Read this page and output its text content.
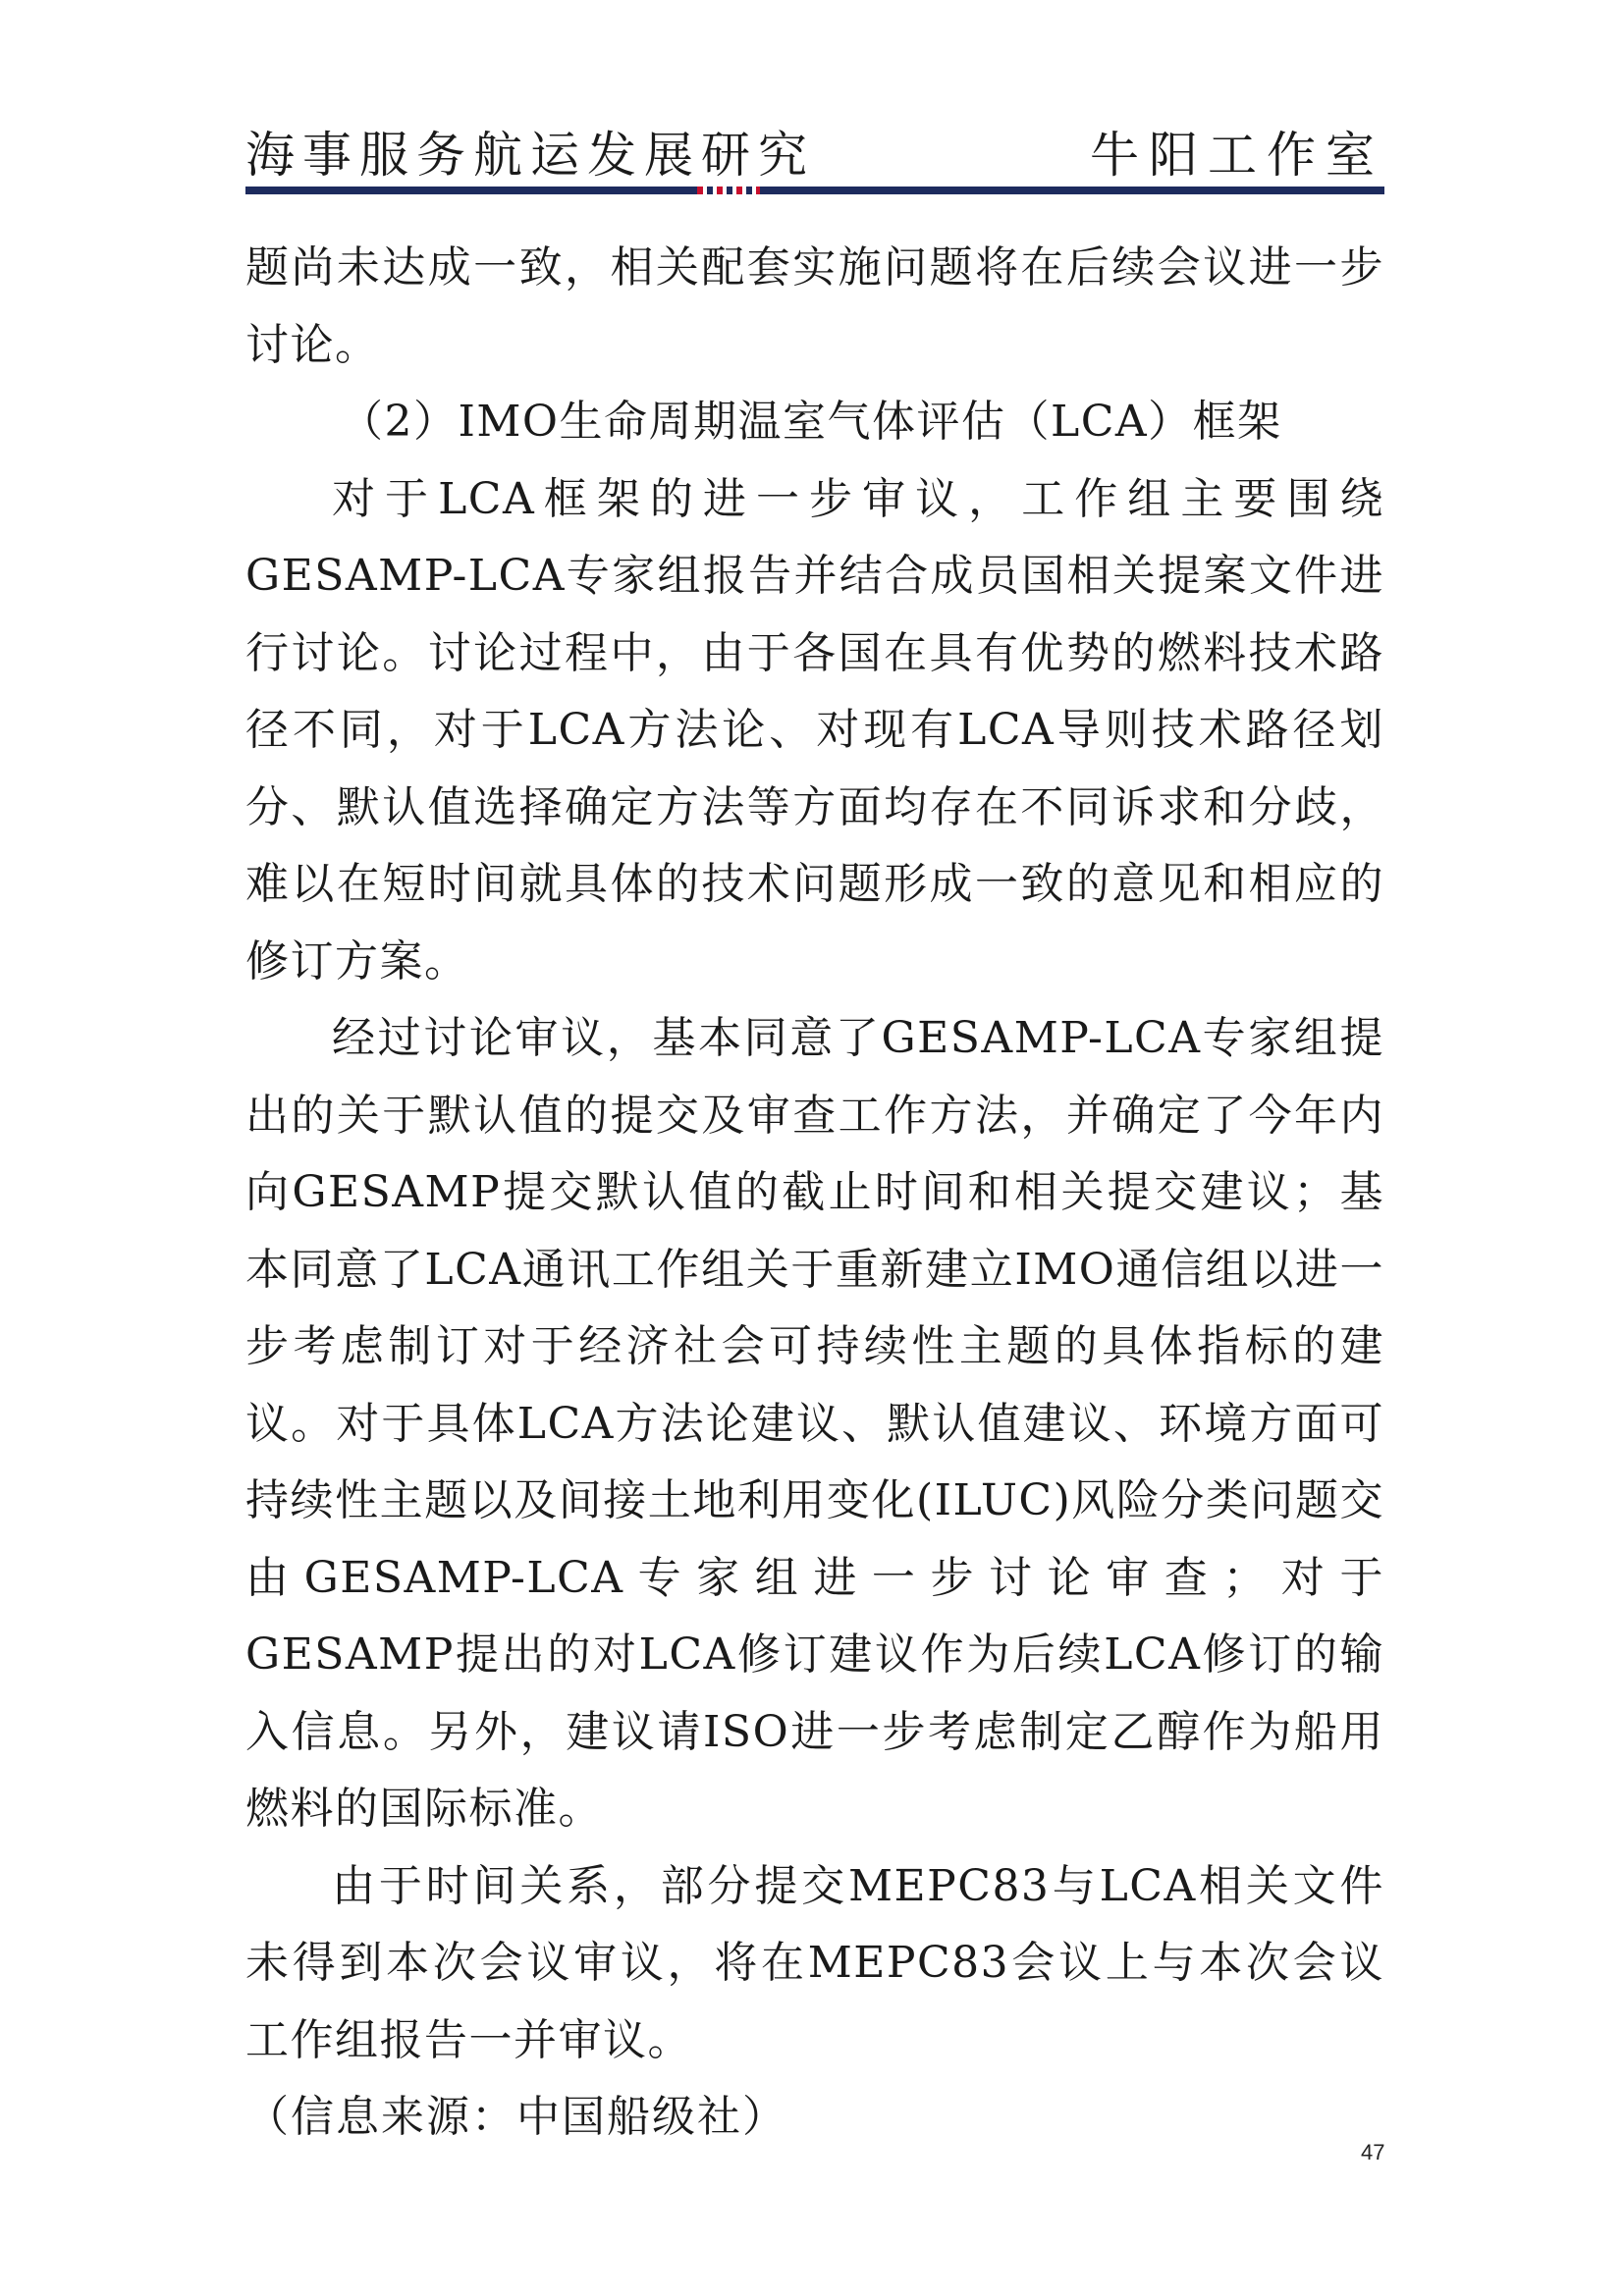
海事服务航运发展研究	牛阳工作室

题尚未达成一致，相关配套实施问题将在后续会议进一步讨论。

（2）IMO生命周期温室气体评估（LCA）框架

对于LCA框架的进一步审议，工作组主要围绕GESAMP-LCA专家组报告并结合成员国相关提案文件进行讨论。讨论过程中，由于各国在具有优势的燃料技术路径不同，对于LCA方法论、对现有LCA导则技术路径划分、默认值选择确定方法等方面均存在不同诉求和分歧，难以在短时间就具体的技术问题形成一致的意见和相应的修订方案。

经过讨论审议，基本同意了GESAMP-LCA专家组提出的关于默认值的提交及审查工作方法，并确定了今年内向GESAMP提交默认值的截止时间和相关提交建议；基本同意了LCA通讯工作组关于重新建立IMO通信组以进一步考虑制订对于经济社会可持续性主题的具体指标的建议。对于具体LCA方法论建议、默认值建议、环境方面可持续性主题以及间接土地利用变化(ILUC)风险分类问题交由GESAMP-LCA专家组进一步讨论审查；对于GESAMP提出的对LCA修订建议作为后续LCA修订的输入信息。另外，建议请ISO进一步考虑制定乙醇作为船用燃料的国际标准。

由于时间关系，部分提交MEPC83与LCA相关文件未得到本次会议审议，将在MEPC83会议上与本次会议工作组报告一并审议。

（信息来源：中国船级社）

47
